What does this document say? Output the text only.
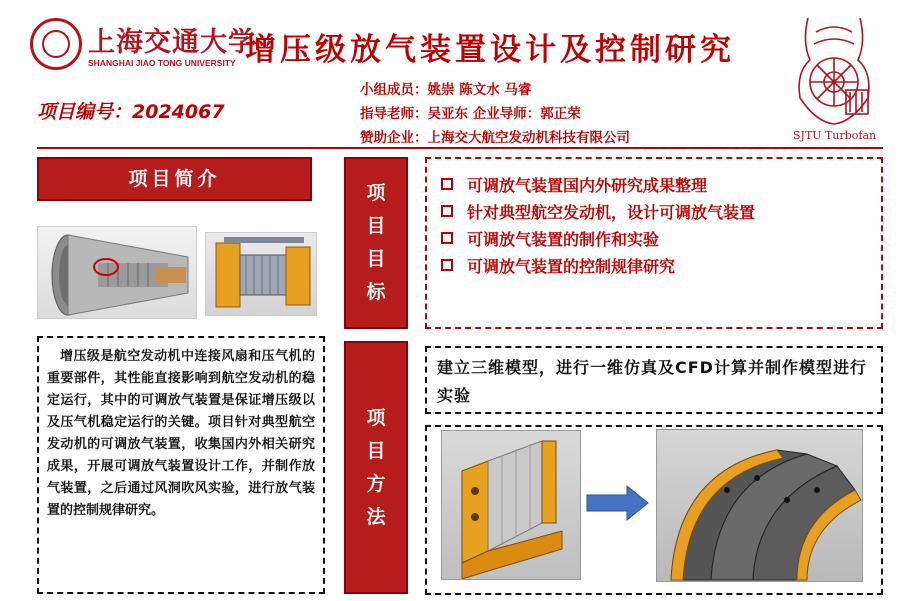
上海交通大学
SHANGHAI JIAO TONG UNIVERSITY 增压级放气装置设计及控制研究
小组成员：姚崇 陈文水 马睿
指导老师：吴亚东 企业导师：郭正荣
赞助企业：上海交大航空发动机科技有限公司
项目编号：2024067
SJTU Turbofan
项目简介
增压级是航空发动机中连接风扇和压气机的重要部件，其性能直接影响到航空发动机的稳定运行，其中的可调放气装置是保证增压级以及压气机稳定运行的关键。项目针对典型航空发动机的可调放气装置，收集国内外相关研究成果，开展可调放气装置设计工作，并制作放气装置，之后通过风洞吹风实验，进行放气装置的控制规律研究。
项
目
目
标
项
目
方
法
可调放气装置国内外研究成果整理
针对典型航空发动机，设计可调放气装置
可调放气装置的制作和实验
可调放气装置的控制规律研究
建立三维模型，进行一维仿真及CFD计算并制作模型进行实验
